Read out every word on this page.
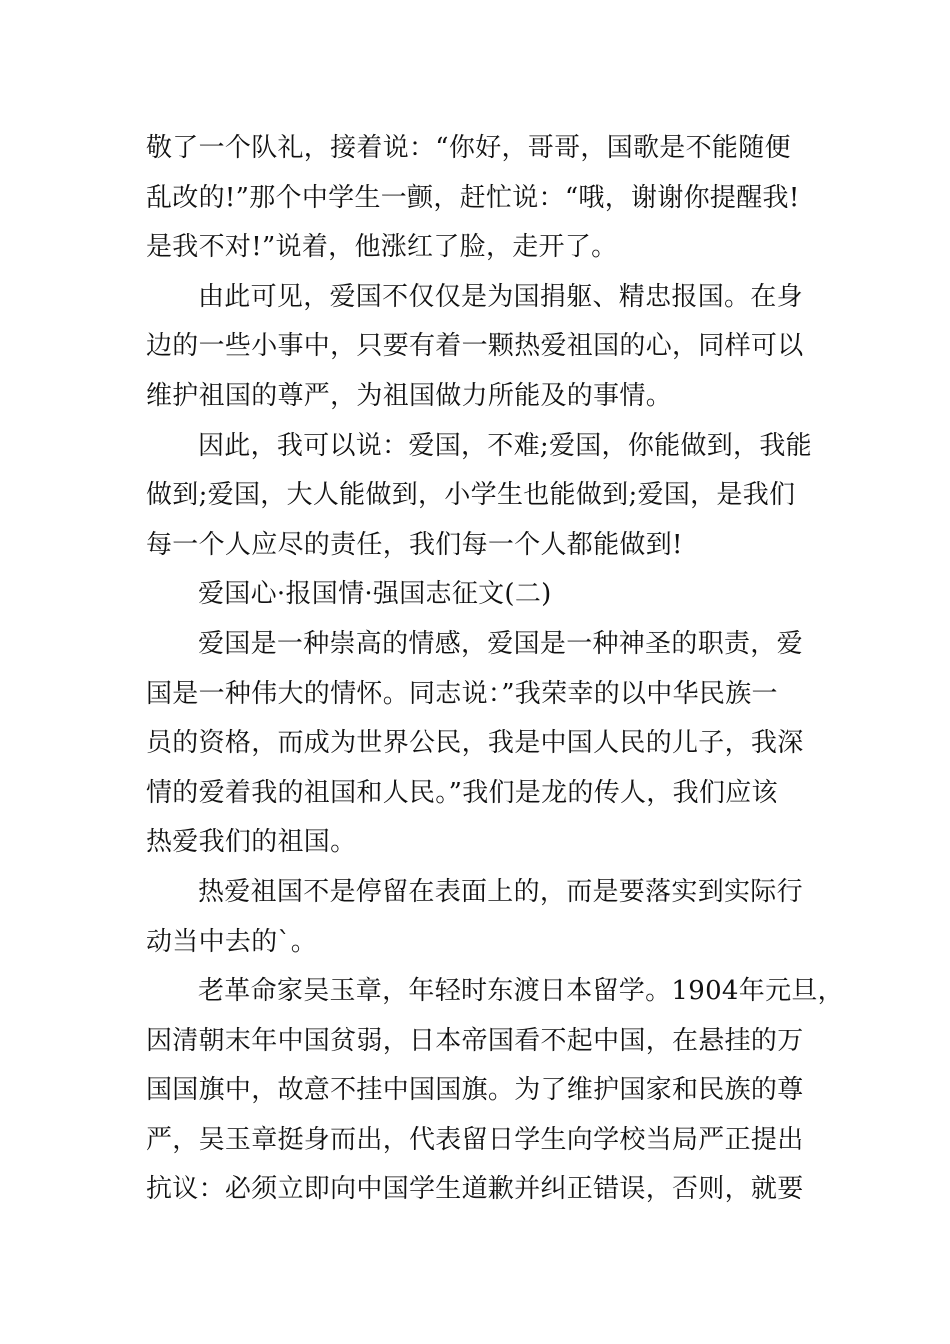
敬了一个队礼，接着说：“你好，哥哥，国歌是不能随便
乱改的!”那个中学生一颤，赶忙说：“哦，谢谢你提醒我!
是我不对!”说着，他涨红了脸，走开了。
由此可见，爱国不仅仅是为国捐躯、精忠报国。在身
边的一些小事中，只要有着一颗热爱祖国的心，同样可以
维护祖国的尊严，为祖国做力所能及的事情。
因此，我可以说：爱国，不难;爱国，你能做到，我能
做到;爱国，大人能做到，小学生也能做到;爱国，是我们
每一个人应尽的责任，我们每一个人都能做到!
爱国心·报国情·强国志征文(二)
爱国是一种崇高的情感，爱国是一种神圣的职责，爱
国是一种伟大的情怀。同志说：”我荣幸的以中华民族一
员的资格，而成为世界公民，我是中国人民的儿子，我深
情的爱着我的祖国和人民。”我们是龙的传人，我们应该
热爱我们的祖国。
热爱祖国不是停留在表面上的，而是要落实到实际行
动当中去的`。
老革命家吴玉章，年轻时东渡日本留学。1904年元旦，
因清朝末年中国贫弱，日本帝国看不起中国，在悬挂的万
国国旗中，故意不挂中国国旗。为了维护国家和民族的尊
严，吴玉章挺身而出，代表留日学生向学校当局严正提出
抗议：必须立即向中国学生道歉并纠正错误，否则，就要
